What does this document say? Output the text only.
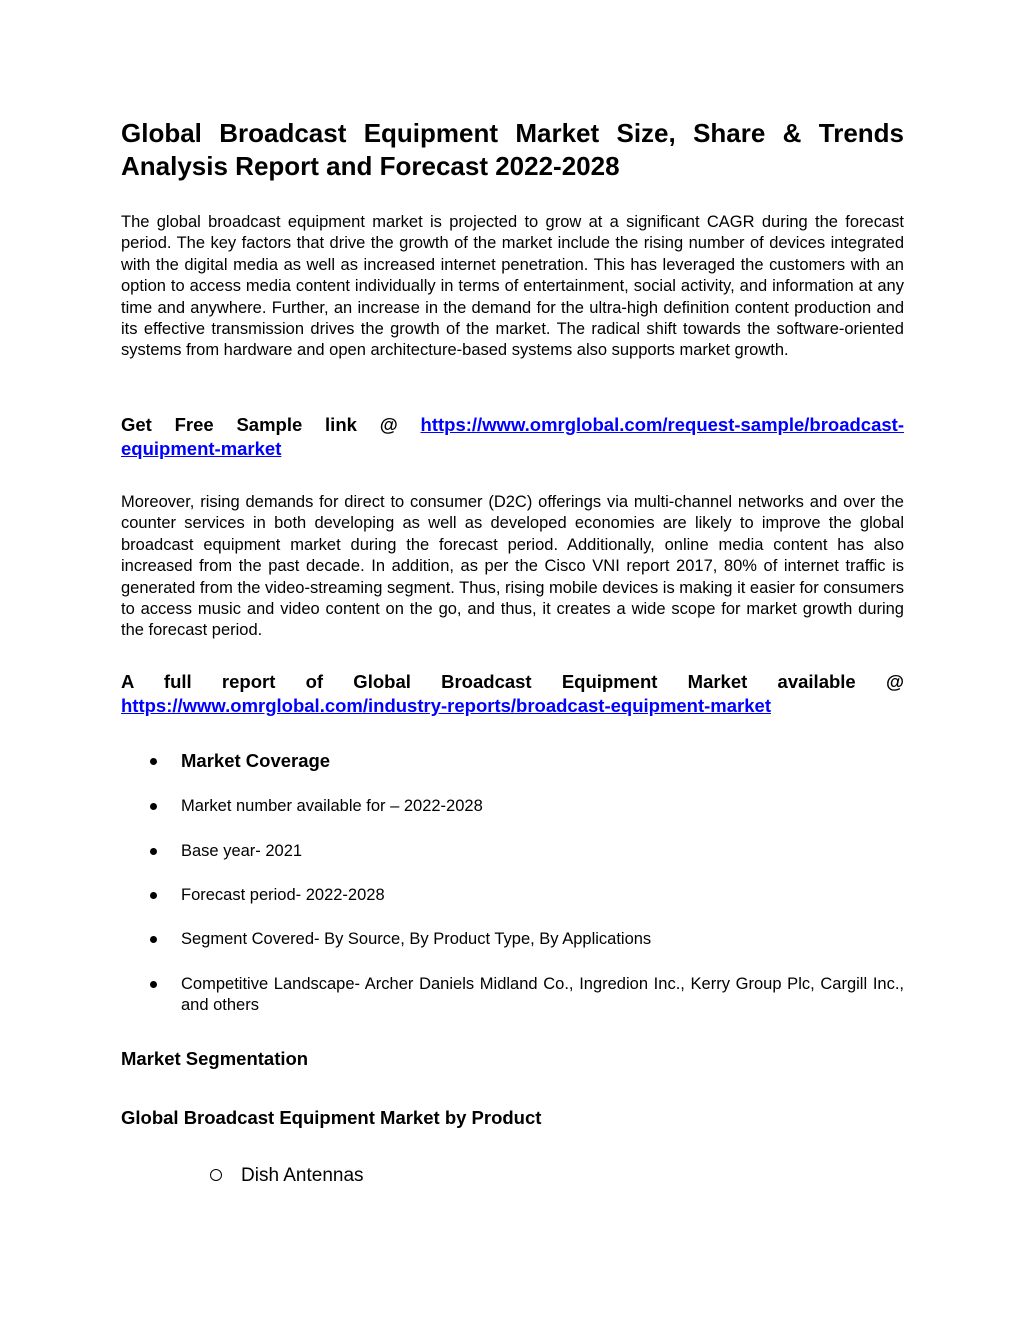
Global Broadcast Equipment Market Size, Share & Trends Analysis Report and Forecast 2022-2028

The global broadcast equipment market is projected to grow at a significant CAGR during the forecast period. The key factors that drive the growth of the market include the rising number of devices integrated with the digital media as well as increased internet penetration. This has leveraged the customers with an option to access media content individually in terms of entertainment, social activity, and information at any time and anywhere. Further, an increase in the demand for the ultra-high definition content production and its effective transmission drives the growth of the market. The radical shift towards the software-oriented systems from hardware and open architecture-based systems also supports market growth.

Get Free Sample link @ https://www.omrglobal.com/request-sample/broadcast-equipment-market

Moreover, rising demands for direct to consumer (D2C) offerings via multi-channel networks and over the counter services in both developing as well as developed economies are likely to improve the global broadcast equipment market during the forecast period. Additionally, online media content has also increased from the past decade. In addition, as per the Cisco VNI report 2017, 80% of internet traffic is generated from the video-streaming segment. Thus, rising mobile devices is making it easier for consumers to access music and video content on the go, and thus, it creates a wide scope for market growth during the forecast period.

A full report of Global Broadcast Equipment Market available @ https://www.omrglobal.com/industry-reports/broadcast-equipment-market

Market Coverage
Market number available for – 2022-2028
Base year- 2021
Forecast period- 2022-2028
Segment Covered- By Source, By Product Type, By Applications
Competitive Landscape- Archer Daniels Midland Co., Ingredion Inc., Kerry Group Plc, Cargill Inc., and others
Market Segmentation
Global Broadcast Equipment Market by Product
Dish Antennas
